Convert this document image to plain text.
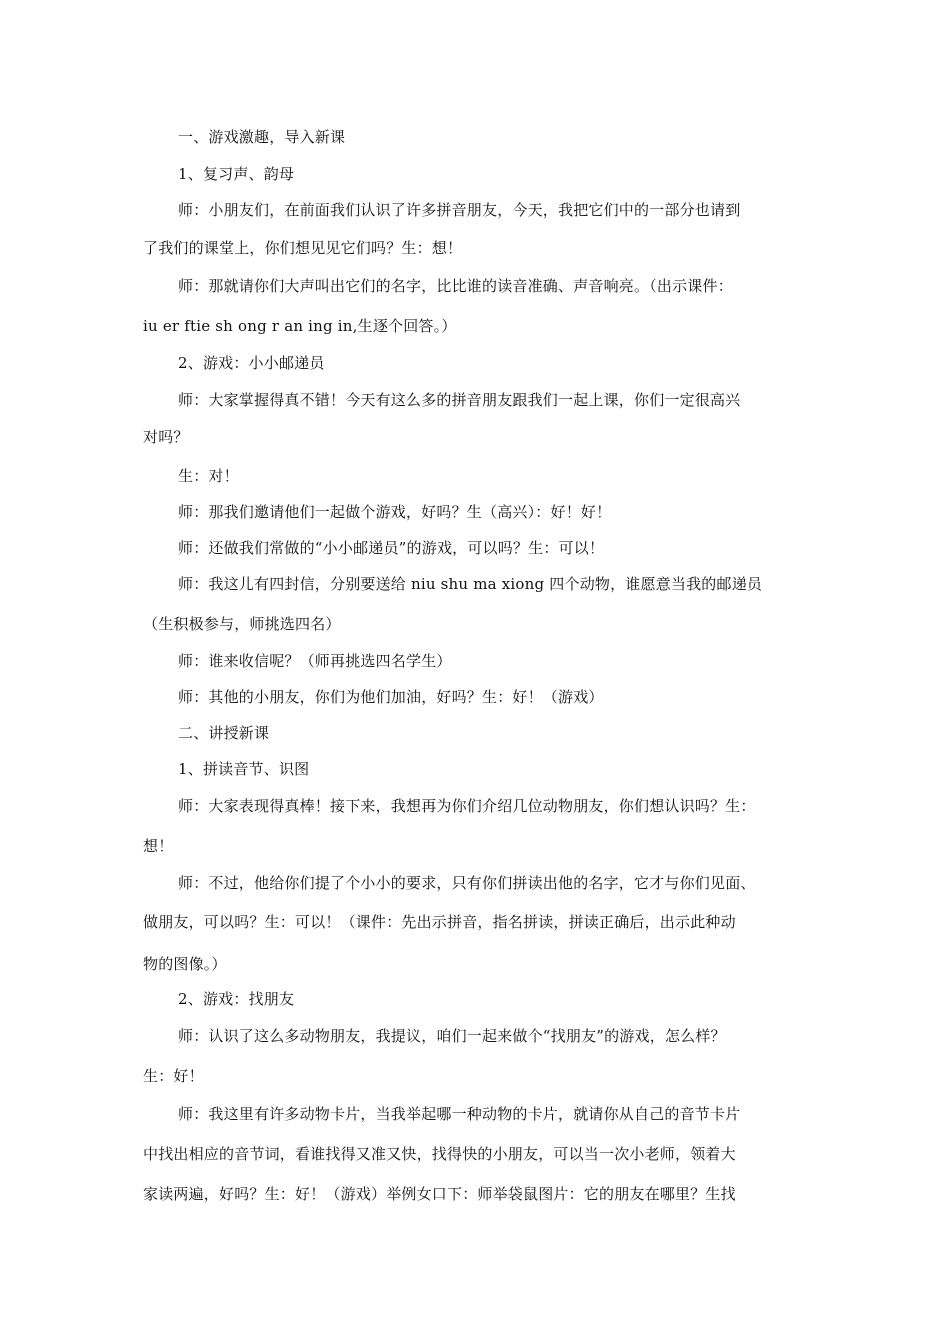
一、游戏激趣，导入新课
1、复习声、韵母
师：小朋友们，在前面我们认识了许多拼音朋友，今天，我把它们中的一部分也请到
了我们的课堂上，你们想见见它们吗？生：想！
师：那就请你们大声叫出它们的名字，比比谁的读音准确、声音响亮。（出示课件：
iu er ftie sh ong r an ing in,生逐个回答。）
2、游戏：小小邮递员
师：大家掌握得真不错！今天有这么多的拼音朋友跟我们一起上课，你们一定很高兴
对吗？
生：对！
师：那我们邀请他们一起做个游戏，好吗？生（高兴）：好！好！
师：还做我们常做的“小小邮递员”的游戏，可以吗？生：可以！
师：我这儿有四封信，分别要送给 niu shu ma xiong 四个动物，谁愿意当我的邮递员
（生积极参与，师挑选四名）
师：谁来收信呢？（师再挑选四名学生）
师：其他的小朋友，你们为他们加油，好吗？生：好！（游戏）
二、讲授新课
1、拼读音节、识图
师：大家表现得真棒！接下来，我想再为你们介绍几位动物朋友，你们想认识吗？生：
想！
师：不过，他给你们提了个小小的要求，只有你们拼读出他的名字，它才与你们见面、
做朋友，可以吗？生：可以！（课件：先出示拼音，指名拼读，拼读正确后，出示此种动
物的图像。）
2、游戏：找朋友
师：认识了这么多动物朋友，我提议，咱们一起来做个“找朋友”的游戏，怎么样？
生：好！
师：我这里有许多动物卡片，当我举起哪一种动物的卡片，就请你从自己的音节卡片
中找出相应的音节词，看谁找得又准又快，找得快的小朋友，可以当一次小老师，领着大
家读两遍，好吗？生：好！（游戏）举例女口下：师举袋鼠图片：它的朋友在哪里？生找
